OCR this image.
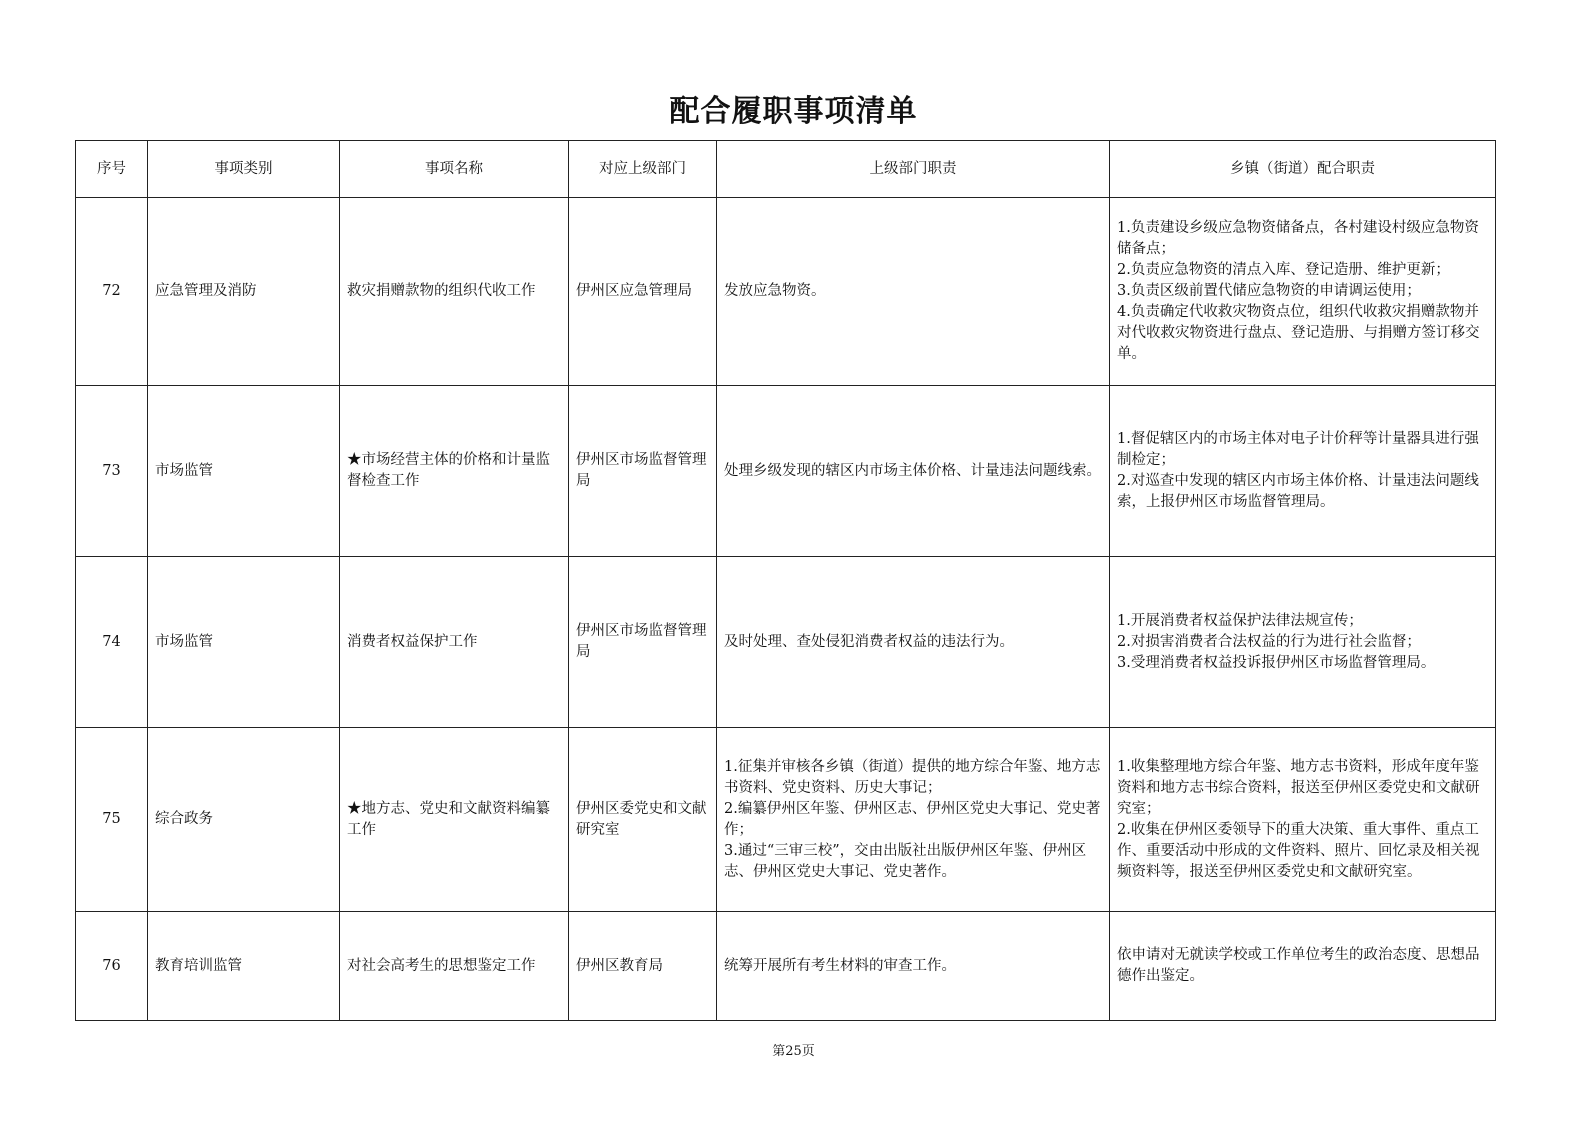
配合履职事项清单
序号	事项类别	事项名称	对应上级部门	上级部门职责	乡镇（街道）配合职责
72	应急管理及消防	救灾捐赠款物的组织代收工作	伊州区应急管理局	发放应急物资。	1.负责建设乡级应急物资储备点，各村建设村级应急物资储备点；
2.负责应急物资的清点入库、登记造册、维护更新；
3.负责区级前置代储应急物资的申请调运使用；
4.负责确定代收救灾物资点位，组织代收救灾捐赠款物并对代收救灾物资进行盘点、登记造册、与捐赠方签订移交单。

73	市场监管	★市场经营主体的价格和计量监督检查工作	伊州区市场监督管理局	处理乡级发现的辖区内市场主体价格、计量违法问题线索。	1.督促辖区内的市场主体对电子计价秤等计量器具进行强制检定；
2.对巡查中发现的辖区内市场主体价格、计量违法问题线索，上报伊州区市场监督管理局。

74	市场监管	消费者权益保护工作	伊州区市场监督管理局	及时处理、查处侵犯消费者权益的违法行为。	1.开展消费者权益保护法律法规宣传；
2.对损害消费者合法权益的行为进行社会监督；
3.受理消费者权益投诉报伊州区市场监督管理局。

75	综合政务	★地方志、党史和文献资料编纂工作	伊州区委党史和文献研究室	1.征集并审核各乡镇（街道）提供的地方综合年鉴、地方志书资料、党史资料、历史大事记；
2.编纂伊州区年鉴、伊州区志、伊州区党史大事记、党史著作；
3.通过“三审三校”，交由出版社出版伊州区年鉴、伊州区志、伊州区党史大事记、党史著作。	1.收集整理地方综合年鉴、地方志书资料，形成年度年鉴资料和地方志书综合资料，报送至伊州区委党史和文献研究室；
2.收集在伊州区委领导下的重大决策、重大事件、重点工作、重要活动中形成的文件资料、照片、回忆录及相关视频资料等，报送至伊州区委党史和文献研究室。

76	教育培训监管	对社会高考生的思想鉴定工作	伊州区教育局	统筹开展所有考生材料的审查工作。	依申请对无就读学校或工作单位考生的政治态度、思想品德作出鉴定。
第25页
